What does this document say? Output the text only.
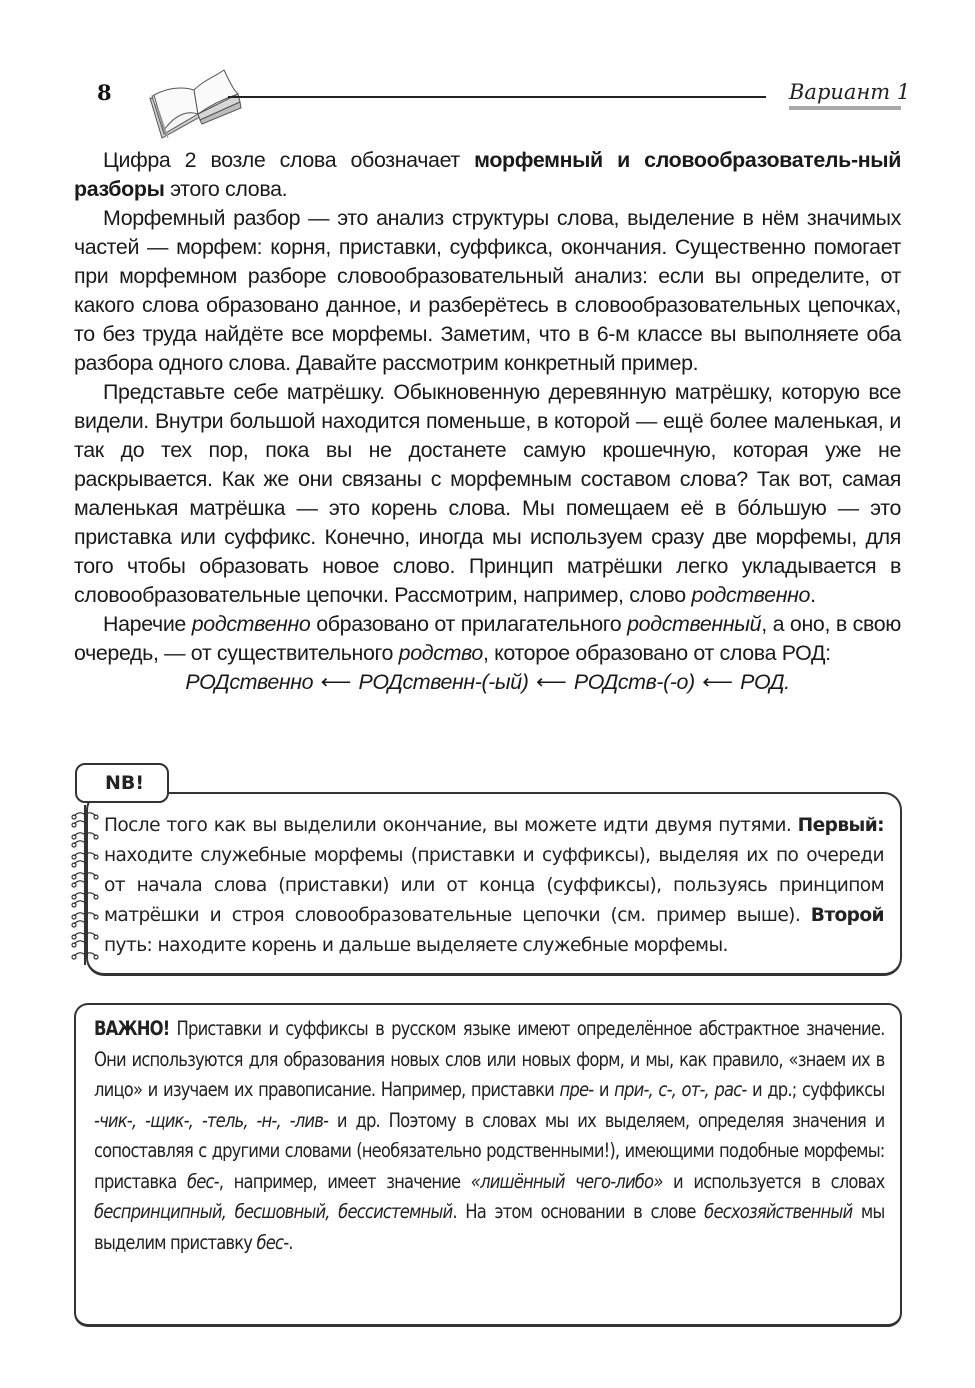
8	Вариант 1

Цифра 2 возле слова обозначает морфемный и словообразователь-ный разборы этого слова.

Морфемный разбор — это анализ структуры слова, выделение в нём значимых частей — морфем: корня, приставки, суффикса, окончания. Существенно помогает при морфемном разборе словообразовательный анализ: если вы определите, от какого слова образовано данное, и разберётесь в словообразовательных цепочках, то без труда найдёте все морфемы. Заметим, что в 6-м классе вы выполняете оба разбора одного слова. Давайте рассмотрим конкретный пример.

Представьте себе матрёшку. Обыкновенную деревянную матрёшку, которую все видели. Внутри большой находится поменьше, в которой — ещё более маленькая, и так до тех пор, пока вы не достанете самую крошечную, которая уже не раскрывается. Как же они связаны с морфемным составом слова? Так вот, самая маленькая матрёшка — это корень слова. Мы помещаем её в бóльшую — это приставка или суффикс. Конечно, иногда мы используем сразу две морфемы, для того чтобы образовать новое слово. Принцип матрёшки легко укладывается в словообразовательные цепочки. Рассмотрим, например, слово родственно.

Наречие родственно образовано от прилагательного родственный, а оно, в свою очередь, — от существительного родство, которое образовано от слова РОД:

РОДственно ⟵ РОДственн-(-ый) ⟵ РОДств-(-о) ⟵ РОД.
NB!

После того как вы выделили окончание, вы можете идти двумя путями. Первый: находите служебные морфемы (приставки и суффиксы), выделяя их по очереди от начала слова (приставки) или от конца (суффиксы), пользуясь принципом матрёшки и строя словообразовательные цепочки (см. пример выше). Второй путь: находите корень и дальше выделяете служебные морфемы.

ВАЖНО! Приставки и суффиксы в русском языке имеют определённое абстрактное значение. Они используются для образования новых слов или новых форм, и мы, как правило, «знаем их в лицо» и изучаем их правописание. Например, приставки пре- и при-, с-, от-, рас- и др.; суффиксы -чик-, -щик-, -тель, -н-, -лив- и др. Поэтому в словах мы их выделяем, определяя значения и сопоставляя с другими словами (необязательно родственными!), имеющими подобные морфемы: приставка бес-, например, имеет значение «лишённый чего-либо» и используется в словах беспринципный, бесшовный, бессистемный. На этом основании в слове бесхозяйственный мы выделим приставку бес-.
